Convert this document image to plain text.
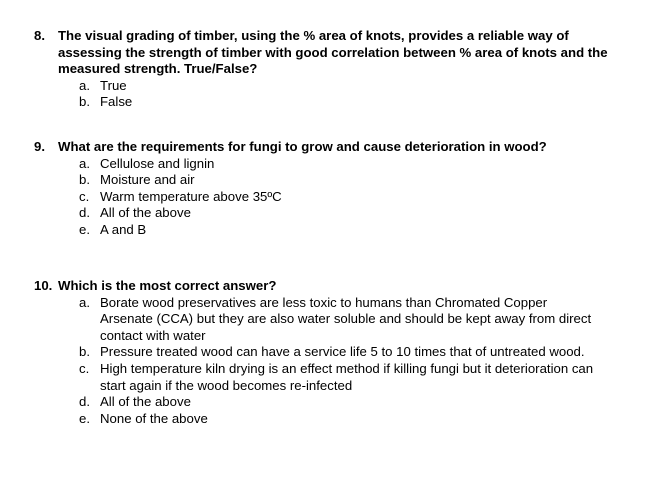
8. The visual grading of timber, using the % area of knots, provides a reliable way of assessing the strength of timber with good correlation between % area of knots and the measured strength. True/False?
a. True
b. False
9. What are the requirements for fungi to grow and cause deterioration in wood?
a. Cellulose and lignin
b. Moisture and air
c. Warm temperature above 35ºC
d. All of the above
e. A and B
10. Which is the most correct answer?
a. Borate wood preservatives are less toxic to humans than Chromated Copper Arsenate (CCA) but they are also water soluble and should be kept away from direct contact with water
b. Pressure treated wood can have a service life 5 to 10 times that of untreated wood.
c. High temperature kiln drying is an effect method if killing fungi but it deterioration can start again if the wood becomes re-infected
d. All of the above
e. None of the above
